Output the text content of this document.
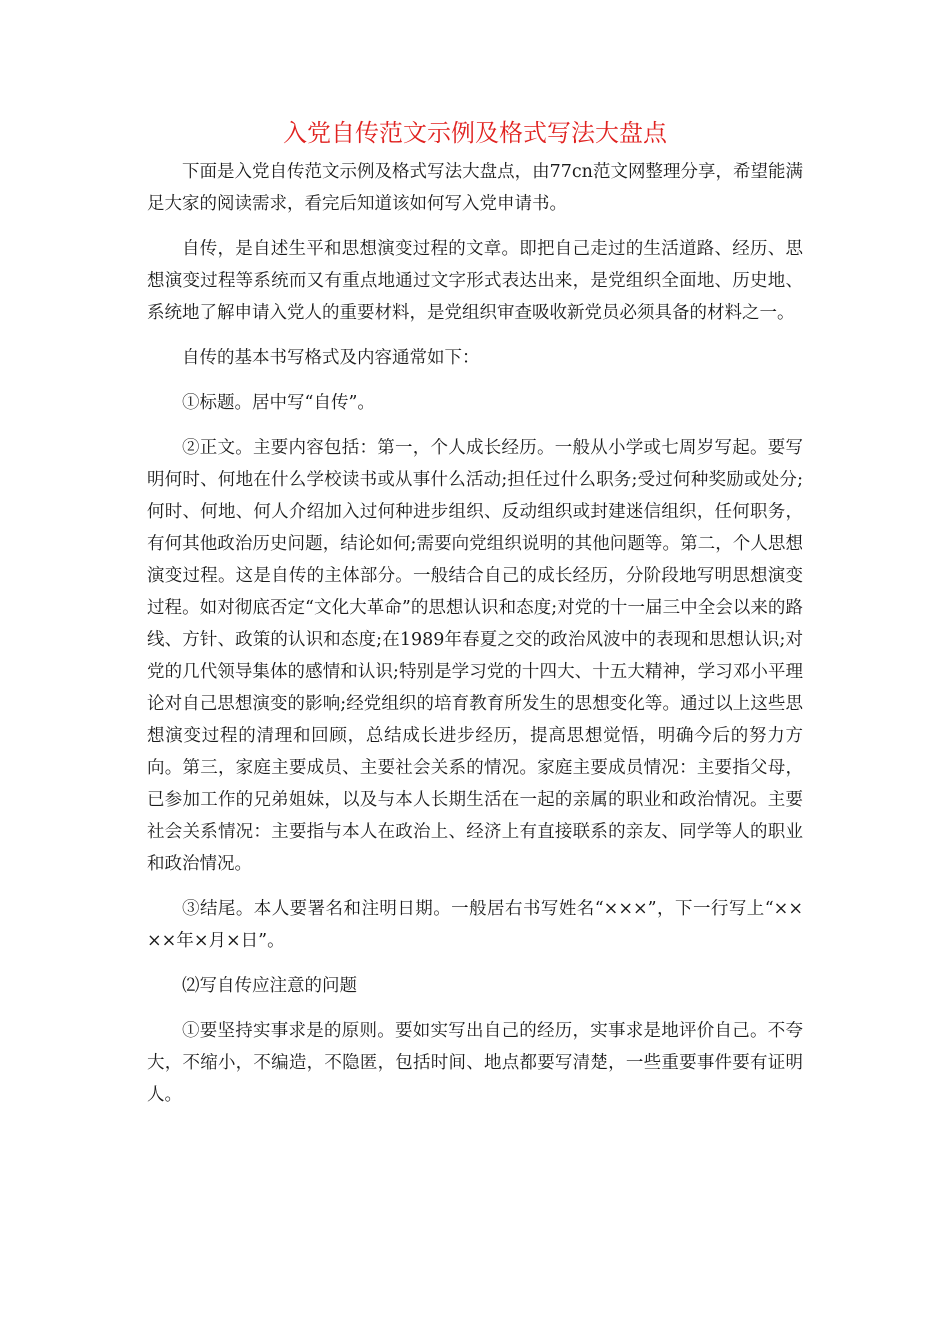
入党自传范文示例及格式写法大盘点

下面是入党自传范文示例及格式写法大盘点，由77cn范文网整理分享，希望能满足大家的阅读需求，看完后知道该如何写入党申请书。

自传，是自述生平和思想演变过程的文章。即把自己走过的生活道路、经历、思想演变过程等系统而又有重点地通过文字形式表达出来，是党组织全面地、历史地、系统地了解申请入党人的重要材料，是党组织审查吸收新党员必须具备的材料之一。

自传的基本书写格式及内容通常如下：

①标题。居中写“自传”。

②正文。主要内容包括：第一，个人成长经历。一般从小学或七周岁写起。要写明何时、何地在什么学校读书或从事什么活动;担任过什么职务;受过何种奖励或处分;何时、何地、何人介绍加入过何种进步组织、反动组织或封建迷信组织，任何职务，有何其他政治历史问题，结论如何;需要向党组织说明的其他问题等。第二，个人思想演变过程。这是自传的主体部分。一般结合自己的成长经历，分阶段地写明思想演变过程。如对彻底否定“文化大革命”的思想认识和态度;对党的十一届三中全会以来的路线、方针、政策的认识和态度;在1989年春夏之交的政治风波中的表现和思想认识;对党的几代领导集体的感情和认识;特别是学习党的十四大、十五大精神，学习邓小平理论对自己思想演变的影响;经党组织的培育教育所发生的思想变化等。通过以上这些思想演变过程的清理和回顾，总结成长进步经历，提高思想觉悟，明确今后的努力方向。第三，家庭主要成员、主要社会关系的情况。家庭主要成员情况：主要指父母，已参加工作的兄弟姐妹，以及与本人长期生活在一起的亲属的职业和政治情况。主要社会关系情况：主要指与本人在政治上、经济上有直接联系的亲友、同学等人的职业和政治情况。

③结尾。本人要署名和注明日期。一般居右书写姓名“×××”，下一行写上“××××年×月×日”。

⑵写自传应注意的问题

①要坚持实事求是的原则。要如实写出自己的经历，实事求是地评价自己。不夸大，不缩小，不编造，不隐匿，包括时间、地点都要写清楚，一些重要事件要有证明人。
